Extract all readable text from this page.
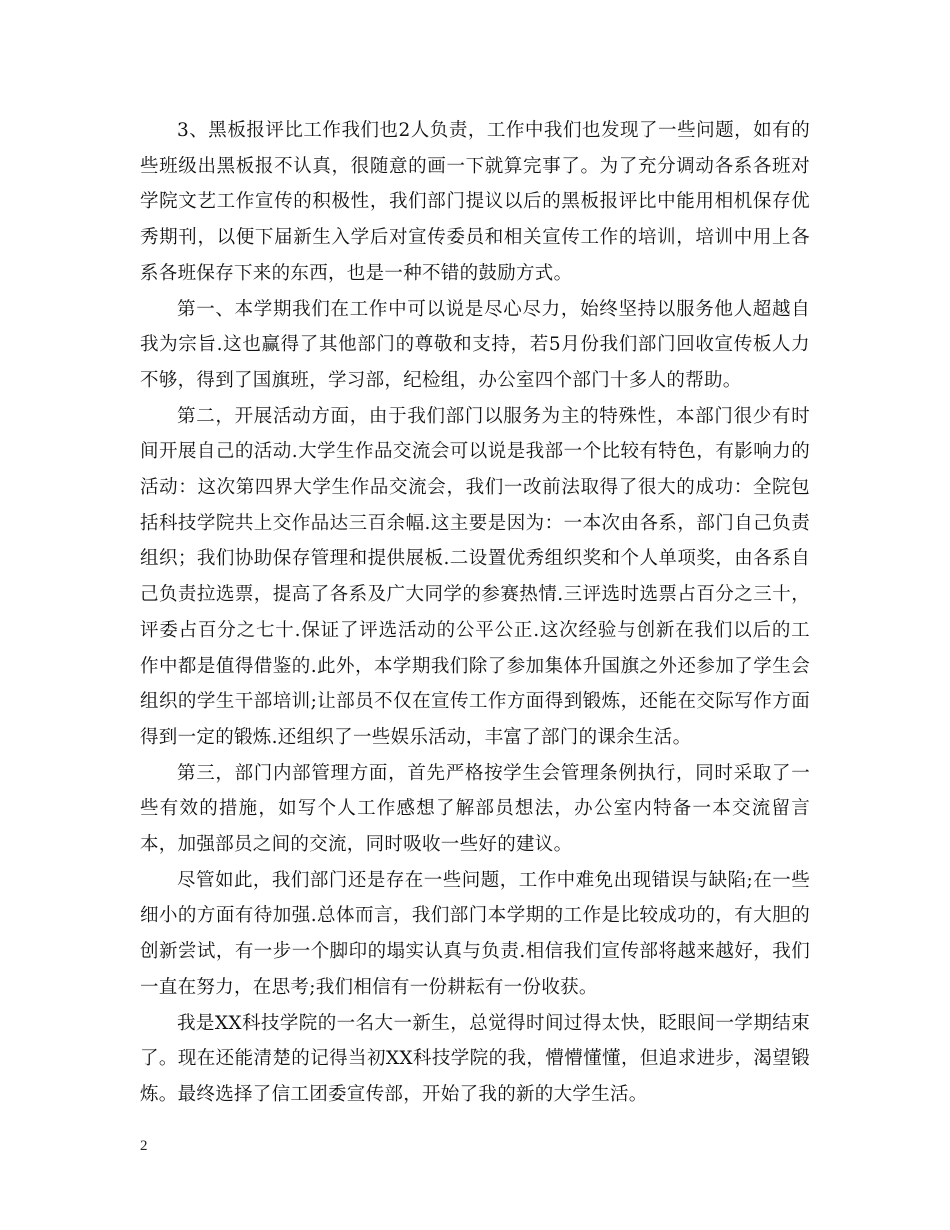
3、黑板报评比工作我们也2人负责，工作中我们也发现了一些问题，如有的些班级出黑板报不认真，很随意的画一下就算完事了。为了充分调动各系各班对学院文艺工作宣传的积极性，我们部门提议以后的黑板报评比中能用相机保存优秀期刊，以便下届新生入学后对宣传委员和相关宣传工作的培训，培训中用上各系各班保存下来的东西，也是一种不错的鼓励方式。

第一、本学期我们在工作中可以说是尽心尽力，始终坚持以服务他人超越自我为宗旨.这也赢得了其他部门的尊敬和支持，若5月份我们部门回收宣传板人力不够，得到了国旗班，学习部，纪检组，办公室四个部门十多人的帮助。

第二，开展活动方面，由于我们部门以服务为主的特殊性，本部门很少有时间开展自己的活动.大学生作品交流会可以说是我部一个比较有特色，有影响力的活动：这次第四界大学生作品交流会，我们一改前法取得了很大的成功：全院包括科技学院共上交作品达三百余幅.这主要是因为：一本次由各系，部门自己负责组织；我们协助保存管理和提供展板.二设置优秀组织奖和个人单项奖，由各系自己负责拉选票，提高了各系及广大同学的参赛热情.三评选时选票占百分之三十，评委占百分之七十.保证了评选活动的公平公正.这次经验与创新在我们以后的工作中都是值得借鉴的.此外，本学期我们除了参加集体升国旗之外还参加了学生会组织的学生干部培训;让部员不仅在宣传工作方面得到锻炼，还能在交际写作方面得到一定的锻炼.还组织了一些娱乐活动，丰富了部门的课余生活。

第三，部门内部管理方面，首先严格按学生会管理条例执行，同时采取了一些有效的措施，如写个人工作感想了解部员想法，办公室内特备一本交流留言本，加强部员之间的交流，同时吸收一些好的建议。

尽管如此，我们部门还是存在一些问题，工作中难免出现错误与缺陷;在一些细小的方面有待加强.总体而言，我们部门本学期的工作是比较成功的，有大胆的创新尝试，有一步一个脚印的塌实认真与负责.相信我们宣传部将越来越好，我们一直在努力，在思考;我们相信有一份耕耘有一份收获。

我是XX科技学院的一名大一新生，总觉得时间过得太快，眨眼间一学期结束了。现在还能清楚的记得当初XX科技学院的我，懵懵懂懂，但追求进步，渴望锻炼。最终选择了信工团委宣传部，开始了我的新的大学生活。

2
